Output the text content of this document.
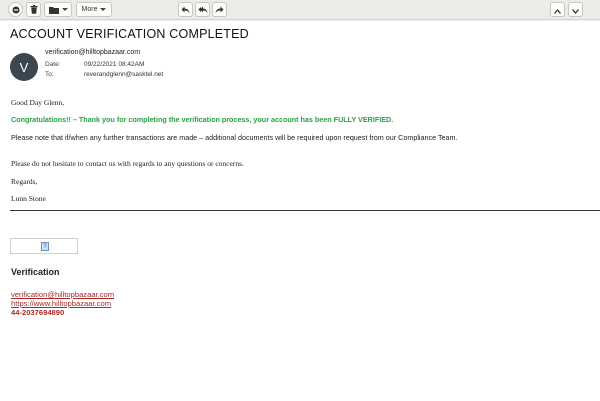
More
ACCOUNT VERIFICATION COMPLETED
V
verification@hilltopbazaar.com
Date:	09/22/2021 08:42AM
To:	reverandglenn@sasktel.net
Good Day Glenn,
Congratulations!! – Thank you for completing the verification process, your account has been FULLY VERIFIED.
Please note that if/when any further transactions are made – additional documents will be required upon request from our Compliance Team.
Please do not hesitate to contact us with regards to any questions or concerns.
Regards,
Lunn Stone
?
Verification
verification@hilltopbazaar.com
https://www.hilltopbazaar.com
44-2037694890
